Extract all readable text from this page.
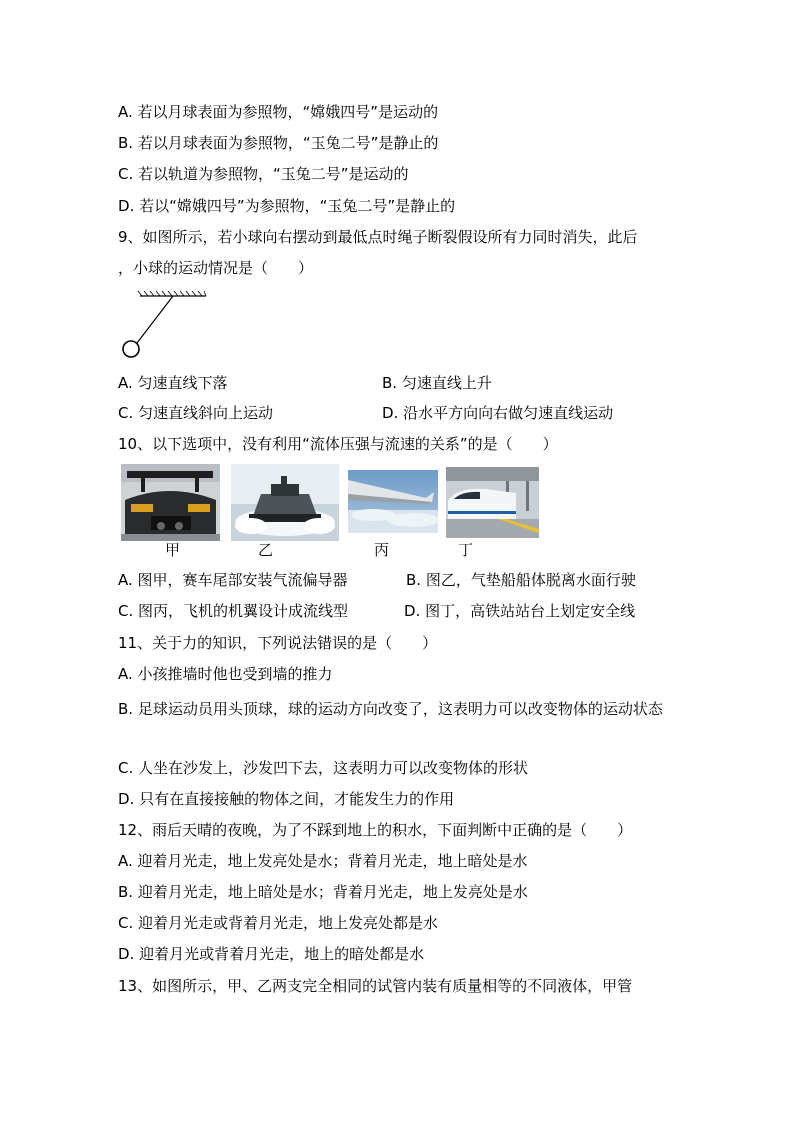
A. 若以月球表面为参照物，“嫦娥四号”是运动的
B. 若以月球表面为参照物，“玉兔二号”是静止的
C. 若以轨道为参照物，“玉兔二号”是运动的
D. 若以“嫦娥四号”为参照物，“玉兔二号”是静止的
9、如图所示，若小球向右摆动到最低点时绳子断裂假设所有力同时消失，此后
，小球的运动情况是（　　）
A. 匀速直线下落	B. 匀速直线上升
C. 匀速直线斜向上运动	D. 沿水平方向向右做匀速直线运动
10、以下选项中，没有利用“流体压强与流速的关系”的是（　　）
甲	乙	丙	丁
A. 图甲，赛车尾部安装气流偏导器	B. 图乙，气垫船船体脱离水面行驶
C. 图丙，飞机的机翼设计成流线型	D. 图丁，高铁站站台上划定安全线
11、关于力的知识，下列说法错误的是（　　）
A. 小孩推墙时他也受到墙的推力
B. 足球运动员用头顶球，球的运动方向改变了，这表明力可以改变物体的运动状态
C. 人坐在沙发上，沙发凹下去，这表明力可以改变物体的形状
D. 只有在直接接触的物体之间，才能发生力的作用
12、雨后天晴的夜晚，为了不踩到地上的积水，下面判断中正确的是（　　）
A. 迎着月光走，地上发亮处是水；背着月光走，地上暗处是水
B. 迎着月光走，地上暗处是水；背着月光走，地上发亮处是水
C. 迎着月光走或背着月光走，地上发亮处都是水
D. 迎着月光或背着月光走，地上的暗处都是水
13、如图所示，甲、乙两支完全相同的试管内装有质量相等的不同液体，甲管
